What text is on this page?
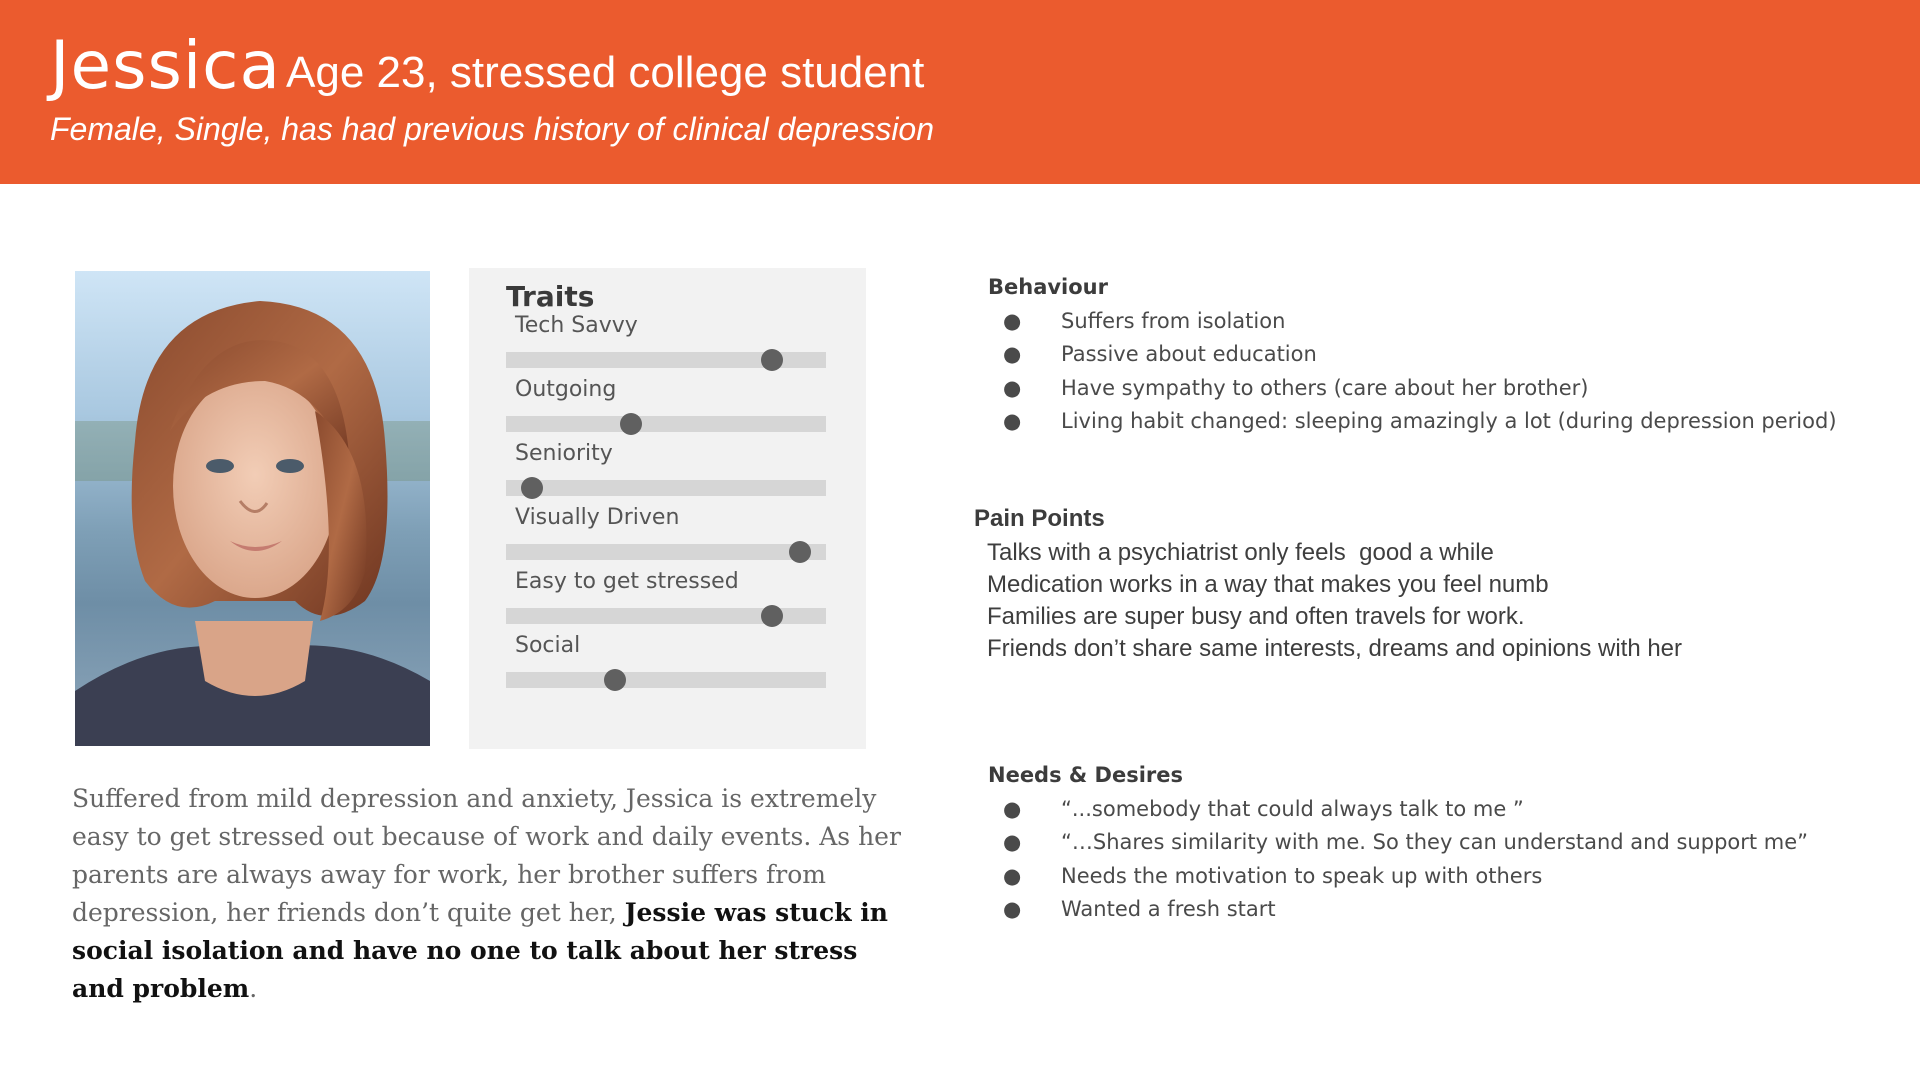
Jessica Age 23, stressed college student
Female, Single, has had previous history of clinical depression
Traits
Tech Savvy
Outgoing
Seniority
Visually Driven
Easy to get stressed
Social
Suffered from mild depression and anxiety, Jessica is extremely easy to get stressed out because of work and daily events. As her parents are always away for work, her brother suffers from depression, her friends don’t quite get her, Jessie was stuck in social isolation and have no one to talk about her stress and problem.
Behaviour
● Suffers from isolation
● Passive about education
● Have sympathy to others (care about her brother)
● Living habit changed: sleeping amazingly a lot (during depression period)
Pain Points
Talks with a psychiatrist only feels  good a while
Medication works in a way that makes you feel numb
Families are super busy and often travels for work.
Friends don’t share same interests, dreams and opinions with her
Needs & Desires
● “...somebody that could always talk to me ”
● “…Shares similarity with me. So they can understand and support me”
● Needs the motivation to speak up with others
● Wanted a fresh start
